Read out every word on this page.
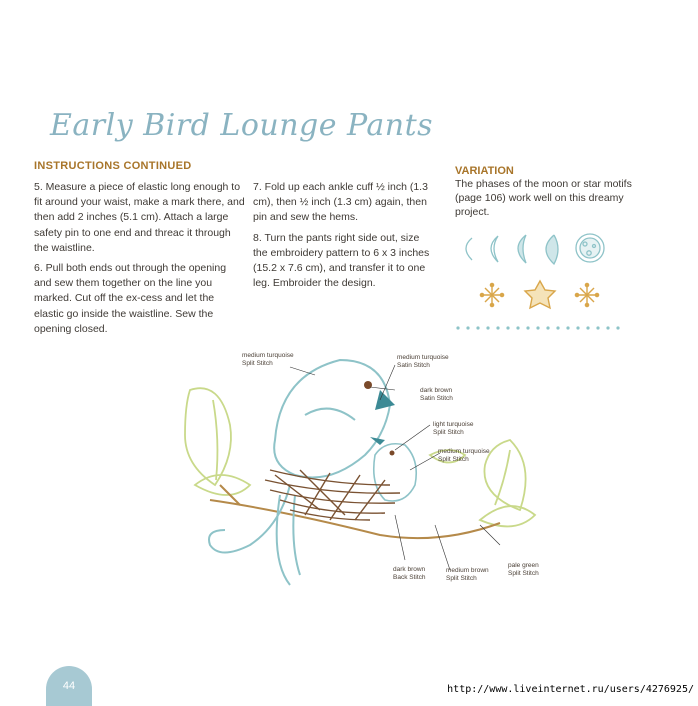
Early Bird Lounge Pants
INSTRUCTIONS CONTINUED

5. Measure a piece of elastic long enough to fit around your waist, make a mark there, and then add 2 inches (5.1 cm). Attach a large safety pin to one end and threac it through the waistline.

6. Pull both ends out through the opening and sew them together on the line you marked. Cut off the ex-cess and let the elastic go inside the waistline. Sew the opening closed.

7. Fold up each ankle cuff ½ inch (1.3 cm), then ½ inch (1.3 cm) again, then pin and sew the hems.

8. Turn the pants right side out, size the embroidery pattern to 6 x 3 inches (15.2 x 7.6 cm), and transfer it to one leg. Embroider the design.

VARIATION
The phases of the moon or star motifs (page 106) work well on this dreamy project.
medium turquoise
Split Stitch
medium turquoise
Satin Stitch
dark brown
Satin Stitch
light turquoise
Split Stitch
medium turquoise
Split Stitch
dark brown
Back Stitch
medium brown
Split Stitch
pale green
Split Stitch
44	http://www.liveinternet.ru/users/4276925/
